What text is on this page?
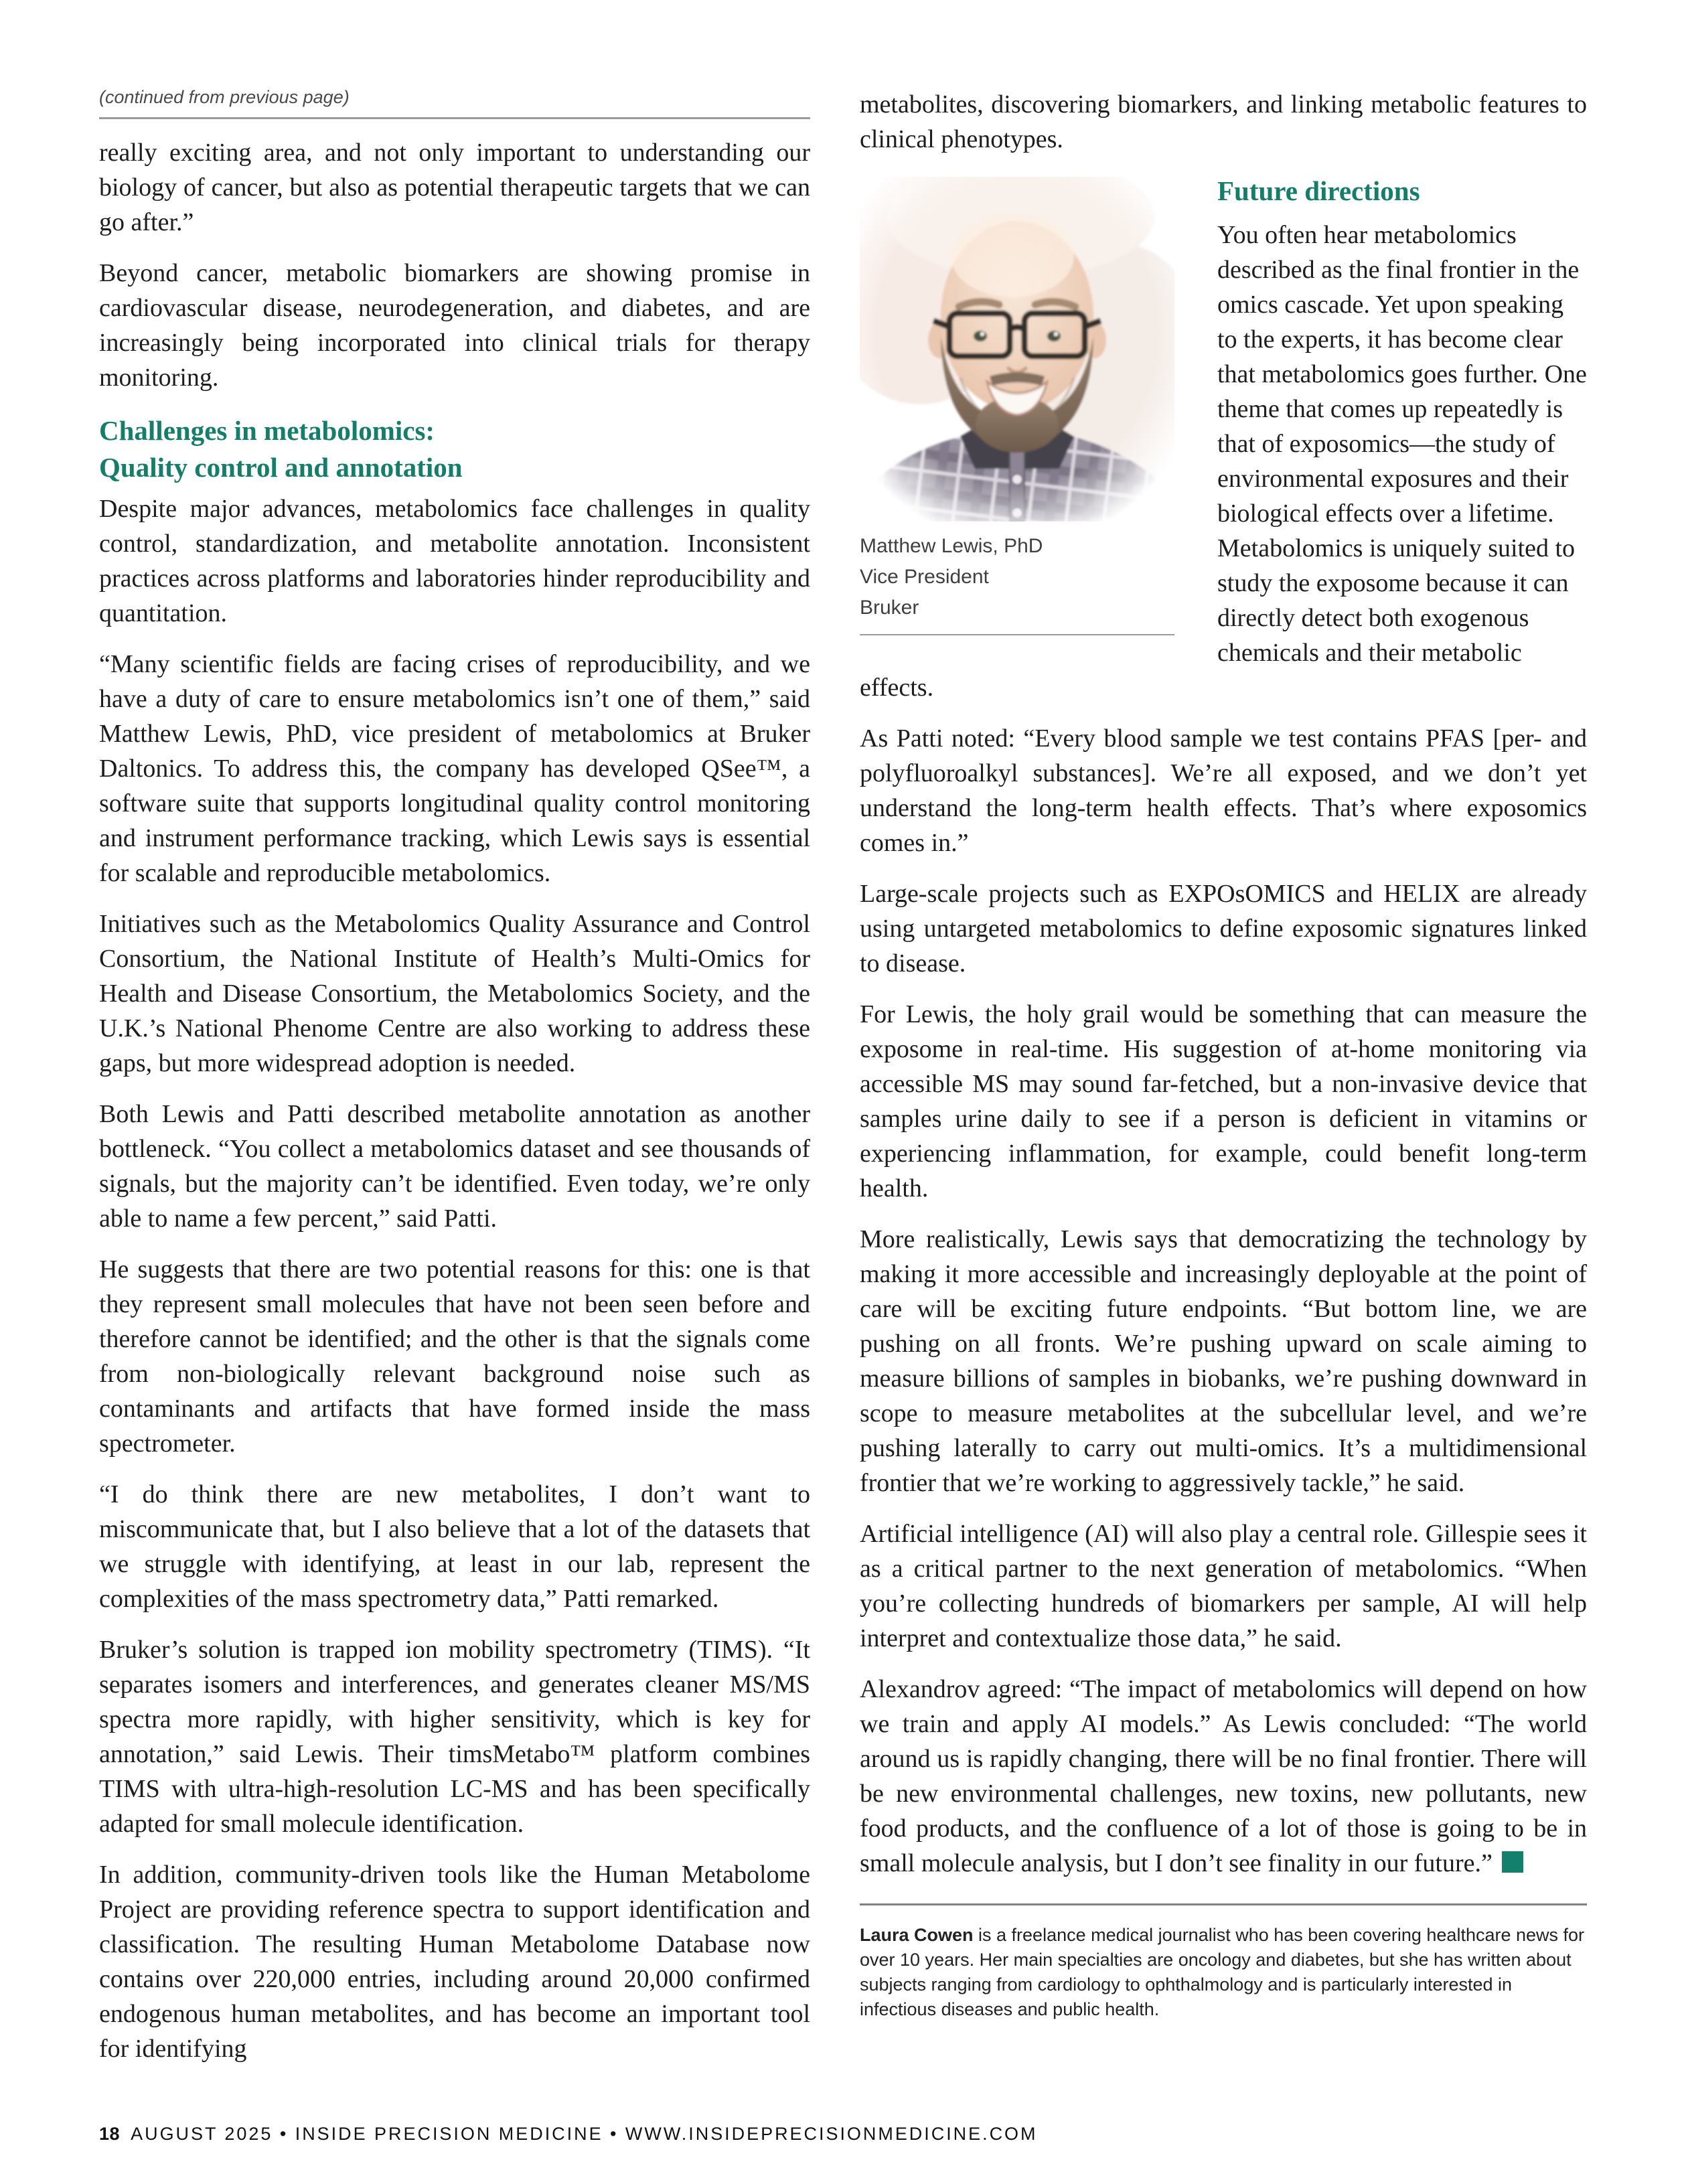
(continued from previous page)

really exciting area, and not only important to understanding our biology of cancer, but also as potential therapeutic targets that we can go after.”

Beyond cancer, metabolic biomarkers are showing promise in cardiovascular disease, neurodegeneration, and diabetes, and are increasingly being incorporated into clinical trials for therapy monitoring.

Challenges in metabolomics:
Quality control and annotation

Despite major advances, metabolomics face challenges in quality control, standardization, and metabolite annotation. Inconsistent practices across platforms and laboratories hinder reproducibility and quantitation.

“Many scientific fields are facing crises of reproducibility, and we have a duty of care to ensure metabolomics isn’t one of them,” said Matthew Lewis, PhD, vice president of metabolomics at Bruker Daltonics. To address this, the company has developed QSee™, a software suite that supports longitudinal quality control monitoring and instrument performance tracking, which Lewis says is essential for scalable and reproducible metabolomics.

Initiatives such as the Metabolomics Quality Assurance and Control Consortium, the National Institute of Health’s Multi-Omics for Health and Disease Consortium, the Metabolomics Society, and the U.K.’s National Phenome Centre are also working to address these gaps, but more widespread adoption is needed.

Both Lewis and Patti described metabolite annotation as another bottleneck. “You collect a metabolomics dataset and see thousands of signals, but the majority can’t be identified. Even today, we’re only able to name a few percent,” said Patti.

He suggests that there are two potential reasons for this: one is that they represent small molecules that have not been seen before and therefore cannot be identified; and the other is that the signals come from non-biologically relevant background noise such as contaminants and artifacts that have formed inside the mass spectrometer.

“I do think there are new metabolites, I don’t want to miscommunicate that, but I also believe that a lot of the datasets that we struggle with identifying, at least in our lab, represent the complexities of the mass spectrometry data,” Patti remarked.

Bruker’s solution is trapped ion mobility spectrometry (TIMS). “It separates isomers and interferences, and generates cleaner MS/MS spectra more rapidly, with higher sensitivity, which is key for annotation,” said Lewis. Their timsMetabo™ platform combines TIMS with ultra-high-resolution LC-MS and has been specifically adapted for small molecule identification.

In addition, community-driven tools like the Human Metabolome Project are providing reference spectra to support identification and classification. The resulting Human Metabolome Database now contains over 220,000 entries, including around 20,000 confirmed endogenous human metabolites, and has become an important tool for identifying

metabolites, discovering biomarkers, and linking metabolic features to clinical phenotypes.

Matthew Lewis, PhD
Vice President
Bruker
Future directions

You often hear metabolomics described as the final frontier in the omics cascade. Yet upon speaking to the experts, it has become clear that metabolomics goes further. One theme that comes up repeatedly is that of exposomics—the study of environmental exposures and their biological effects over a lifetime. Metabolomics is uniquely suited to study the exposome because it can directly detect both exogenous chemicals and their metabolic effects.

As Patti noted: “Every blood sample we test contains PFAS [per- and polyfluoroalkyl substances]. We’re all exposed, and we don’t yet understand the long-term health effects. That’s where exposomics comes in.”

Large-scale projects such as EXPOsOMICS and HELIX are already using untargeted metabolomics to define exposomic signatures linked to disease.

For Lewis, the holy grail would be something that can measure the exposome in real-time. His suggestion of at-home monitoring via accessible MS may sound far-fetched, but a non-invasive device that samples urine daily to see if a person is deficient in vitamins or experiencing inflammation, for example, could benefit long-term health.

More realistically, Lewis says that democratizing the technology by making it more accessible and increasingly deployable at the point of care will be exciting future endpoints. “But bottom line, we are pushing on all fronts. We’re pushing upward on scale aiming to measure billions of samples in biobanks, we’re pushing downward in scope to measure metabolites at the subcellular level, and we’re pushing laterally to carry out multi-omics. It’s a multidimensional frontier that we’re working to aggressively tackle,” he said.

Artificial intelligence (AI) will also play a central role. Gillespie sees it as a critical partner to the next generation of metabolomics. “When you’re collecting hundreds of biomarkers per sample, AI will help interpret and contextualize those data,” he said.

Alexandrov agreed: “The impact of metabolomics will depend on how we train and apply AI models.” As Lewis concluded: “The world around us is rapidly changing, there will be no final frontier. There will be new environmental challenges, new toxins, new pollutants, new food products, and the confluence of a lot of those is going to be in small molecule analysis, but I don’t see finality in our future.”

Laura Cowen is a freelance medical journalist who has been covering healthcare news for over 10 years. Her main specialties are oncology and diabetes, but she has written about subjects ranging from cardiology to ophthalmology and is particularly interested in infectious diseases and public health.

18 AUGUST 2025 • INSIDE PRECISION MEDICINE • WWW.INSIDEPRECISIONMEDICINE.COM
